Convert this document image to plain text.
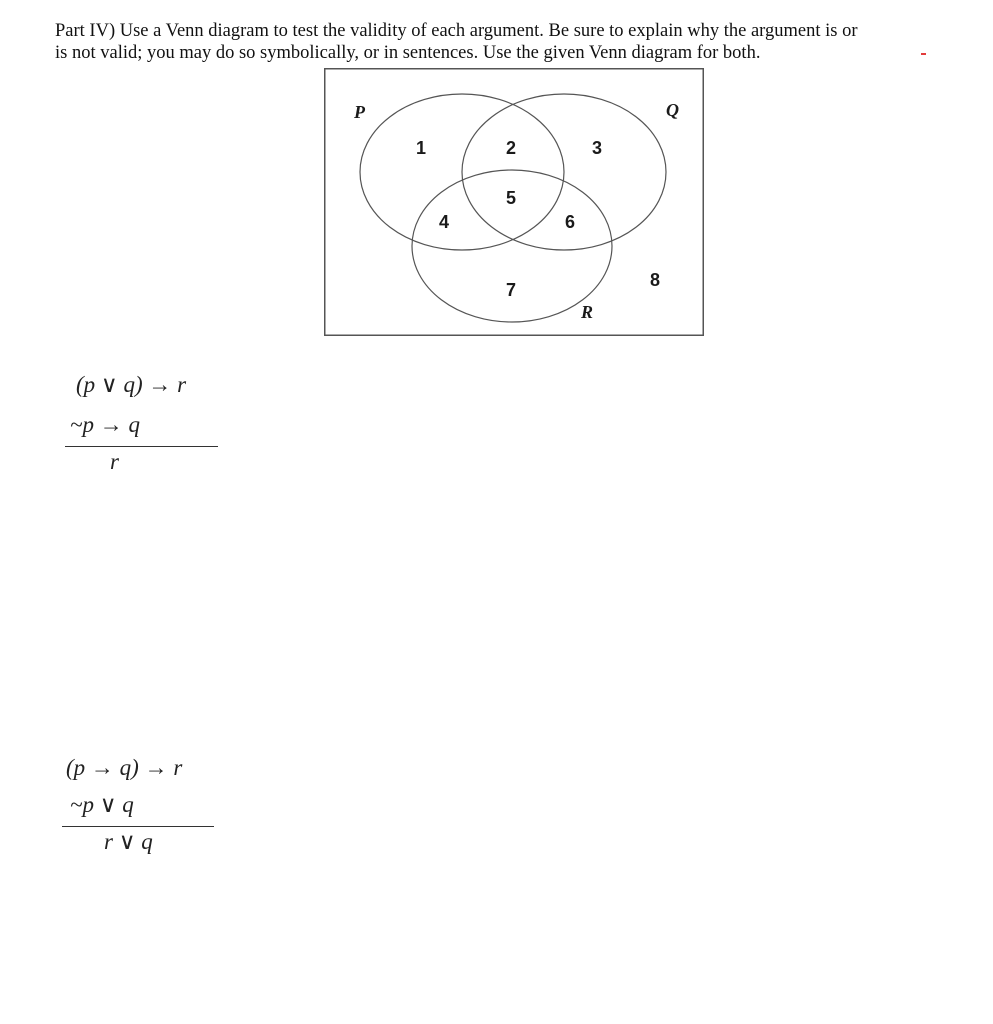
Part IV) Use a Venn diagram to test the validity of each argument. Be sure to explain why the argument is or
is not valid; you may do so symbolically, or in sentences. Use the given Venn diagram for both.
P	Q
R
1	2	3
4
5
6
7	8
(p ∨ q) → r
~p → q
r
(p → q) → r
~p ∨ q
r ∨ q
